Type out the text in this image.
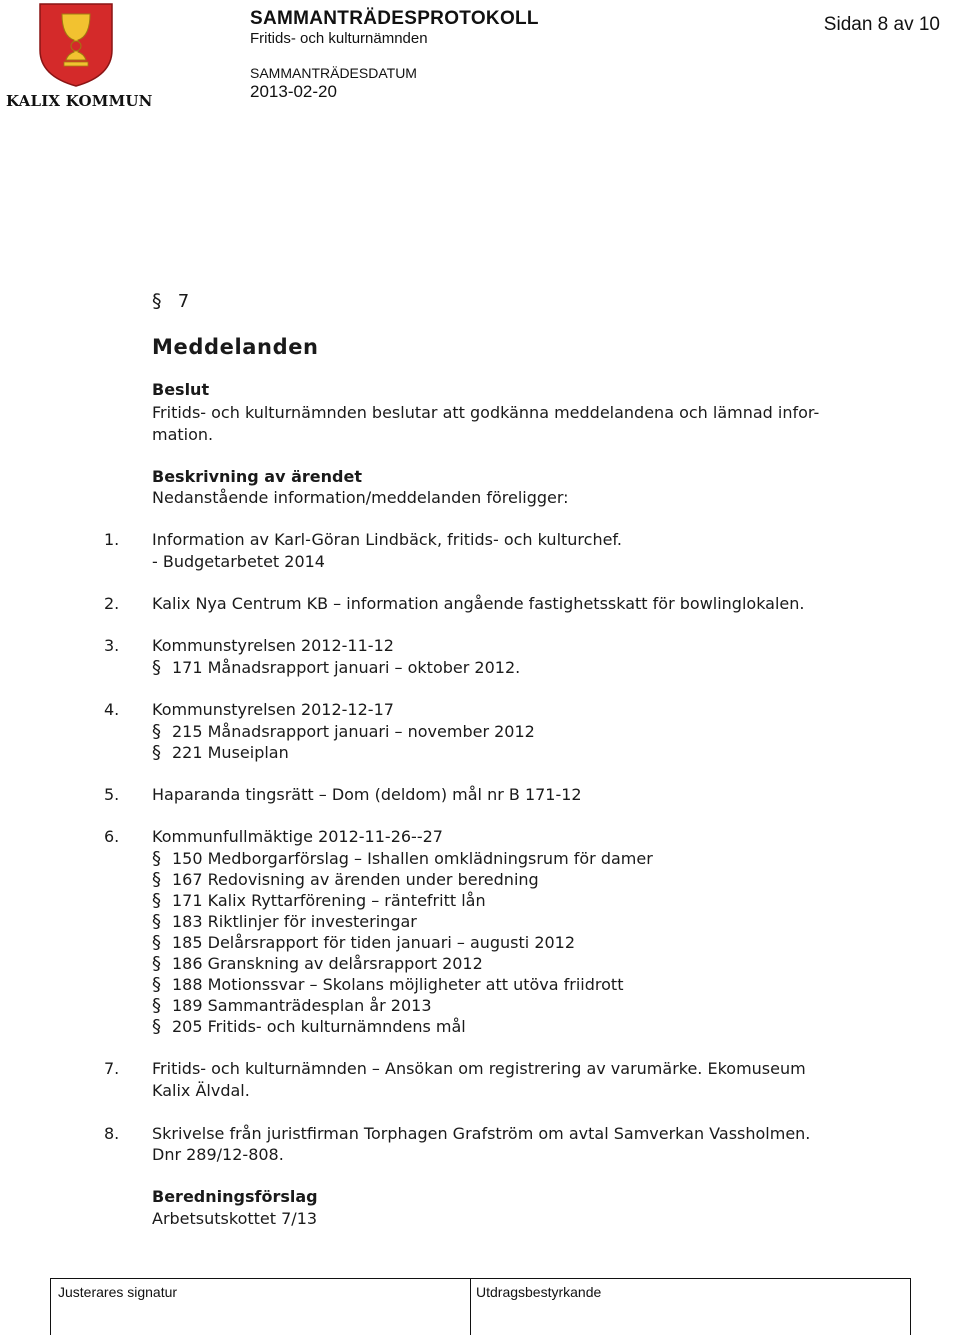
KALIX KOMMUN
SAMMANTRÄDESPROTOKOLL
Fritids- och kulturnämnden
SAMMANTRÄDESDATUM
2013-02-20
Sidan 8 av 10
§ 7
Meddelanden
Beslut
Fritids- och kulturnämnden beslutar att godkänna meddelandena och lämnad infor-
mation.
Beskrivning av ärendet
Nedanstående information/meddelanden föreligger:
1. Information av Karl-Göran Lindbäck, fritids- och kulturchef.
- Budgetarbetet 2014
2. Kalix Nya Centrum KB – information angående fastighetsskatt för bowlinglokalen.
3. Kommunstyrelsen 2012-11-12
§ 171 Månadsrapport januari – oktober 2012.
4. Kommunstyrelsen 2012-12-17
§ 215 Månadsrapport januari – november 2012
§ 221 Museiplan
5. Haparanda tingsrätt – Dom (deldom) mål nr B 171-12
6. Kommunfullmäktige 2012-11-26--27
§ 150 Medborgarförslag – Ishallen omklädningsrum för damer
§ 167 Redovisning av ärenden under beredning
§ 171 Kalix Ryttarförening – räntefritt lån
§ 183 Riktlinjer för investeringar
§ 185 Delårsrapport för tiden januari – augusti 2012
§ 186 Granskning av delårsrapport 2012
§ 188 Motionssvar – Skolans möjligheter att utöva friidrott
§ 189 Sammanträdesplan år 2013
§ 205 Fritids- och kulturnämndens mål
7. Fritids- och kulturnämnden – Ansökan om registrering av varumärke. Ekomuseum
Kalix Älvdal.
8. Skrivelse från juristfirman Torphagen Grafström om avtal Samverkan Vassholmen.
Dnr 289/12-808.
Beredningsförslag
Arbetsutskottet 7/13
Justerares signatur	Utdragsbestyrkande
